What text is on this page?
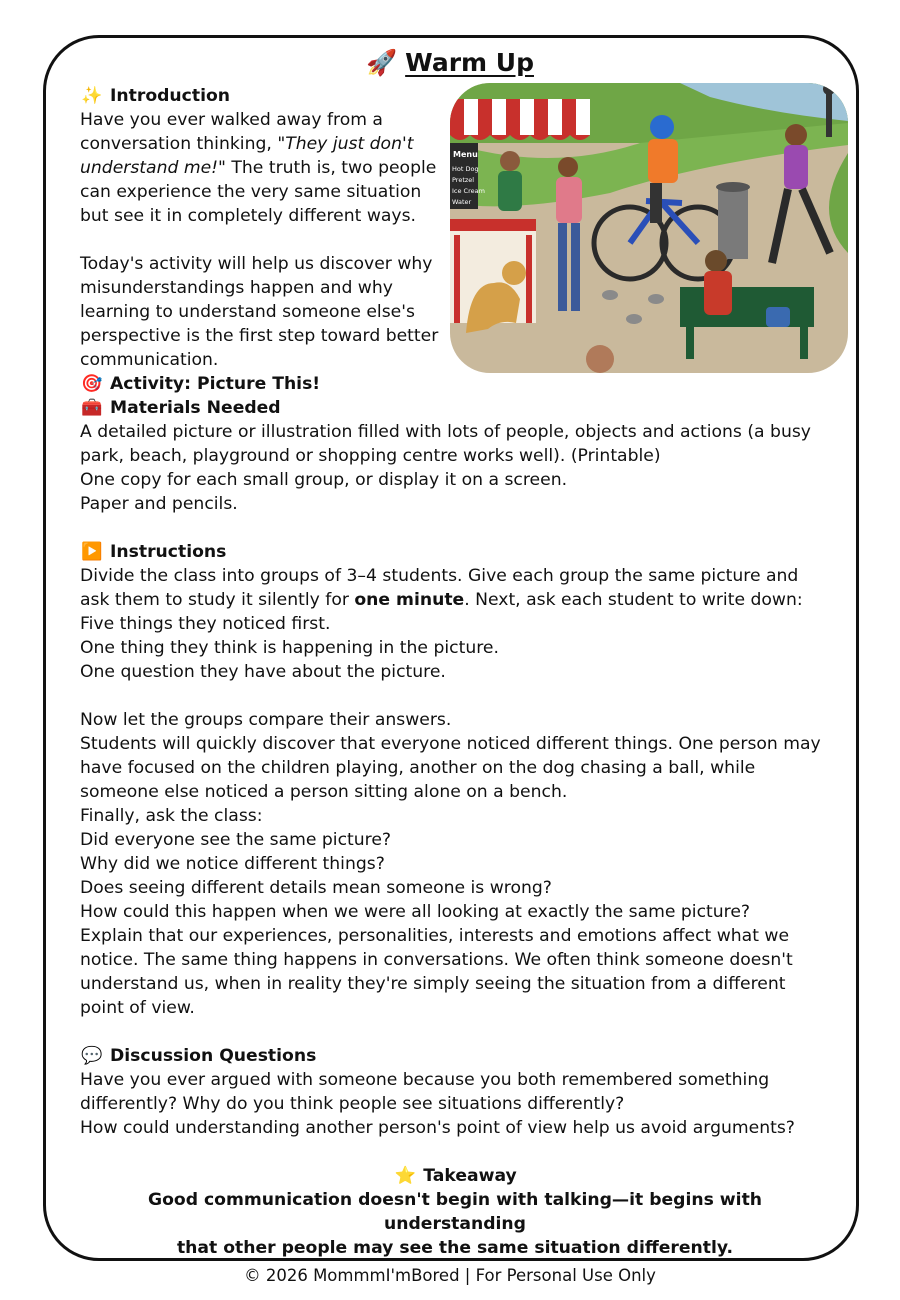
🚀 Warm Up

✨ Introduction

Have you ever walked away from a conversation thinking, "They just don't understand me!" The truth is, two people can experience the very same situation but see it in completely different ways.

Today's activity will help us discover why misunderstandings happen and why learning to understand someone else's perspective is the first step toward better communication.

Menu
Hot Dog
Pretzel
Ice Cream
Water

🎯 Activity: Picture This!

🧰 Materials Needed

A detailed picture or illustration filled with lots of people, objects and actions (a busy park, beach, playground or shopping centre works well). (Printable)

One copy for each small group, or display it on a screen.

Paper and pencils.

▶️ Instructions

Divide the class into groups of 3–4 students. Give each group the same picture and ask them to study it silently for one minute. Next, ask each student to write down:

Five things they noticed first.

One thing they think is happening in the picture.

One question they have about the picture.

Now let the groups compare their answers.

Students will quickly discover that everyone noticed different things. One person may have focused on the children playing, another on the dog chasing a ball, while someone else noticed a person sitting alone on a bench.

Finally, ask the class:

Did everyone see the same picture?

Why did we notice different things?

Does seeing different details mean someone is wrong?

How could this happen when we were all looking at exactly the same picture?

Explain that our experiences, personalities, interests and emotions affect what we notice. The same thing happens in conversations. We often think someone doesn't understand us, when in reality they're simply seeing the situation from a different point of view.

💬 Discussion Questions

Have you ever argued with someone because you both remembered something differently? Why do you think people see situations differently?

How could understanding another person's point of view help us avoid arguments?

⭐ Takeaway

Good communication doesn't begin with talking—it begins with understanding

that other people may see the same situation differently.

© 2026 MommmI'mBored | For Personal Use Only
